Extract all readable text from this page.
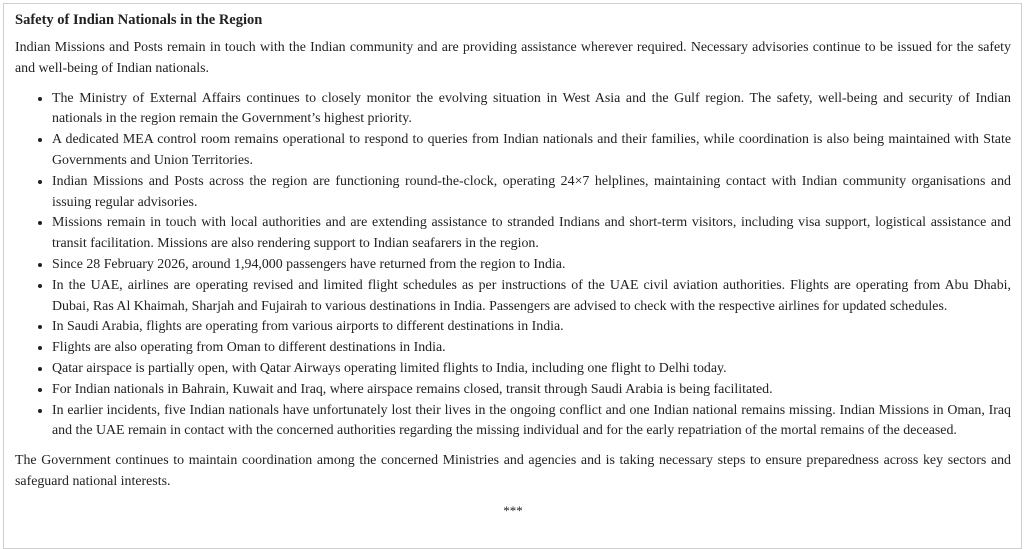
Safety of Indian Nationals in the Region

Indian Missions and Posts remain in touch with the Indian community and are providing assistance wherever required. Necessary advisories continue to be issued for the safety and well-being of Indian nationals.

• The Ministry of External Affairs continues to closely monitor the evolving situation in West Asia and the Gulf region. The safety, well-being and security of Indian nationals in the region remain the Government’s highest priority.
• A dedicated MEA control room remains operational to respond to queries from Indian nationals and their families, while coordination is also being maintained with State Governments and Union Territories.
• Indian Missions and Posts across the region are functioning round-the-clock, operating 24×7 helplines, maintaining contact with Indian community organisations and issuing regular advisories.
• Missions remain in touch with local authorities and are extending assistance to stranded Indians and short-term visitors, including visa support, logistical assistance and transit facilitation. Missions are also rendering support to Indian seafarers in the region.
• Since 28 February 2026, around 1,94,000 passengers have returned from the region to India.
• In the UAE, airlines are operating revised and limited flight schedules as per instructions of the UAE civil aviation authorities. Flights are operating from Abu Dhabi, Dubai, Ras Al Khaimah, Sharjah and Fujairah to various destinations in India. Passengers are advised to check with the respective airlines for updated schedules.
• In Saudi Arabia, flights are operating from various airports to different destinations in India.
• Flights are also operating from Oman to different destinations in India.
• Qatar airspace is partially open, with Qatar Airways operating limited flights to India, including one flight to Delhi today.
• For Indian nationals in Bahrain, Kuwait and Iraq, where airspace remains closed, transit through Saudi Arabia is being facilitated.
• In earlier incidents, five Indian nationals have unfortunately lost their lives in the ongoing conflict and one Indian national remains missing. Indian Missions in Oman, Iraq and the UAE remain in contact with the concerned authorities regarding the missing individual and for the early repatriation of the mortal remains of the deceased.

The Government continues to maintain coordination among the concerned Ministries and agencies and is taking necessary steps to ensure preparedness across key sectors and safeguard national interests.

***
